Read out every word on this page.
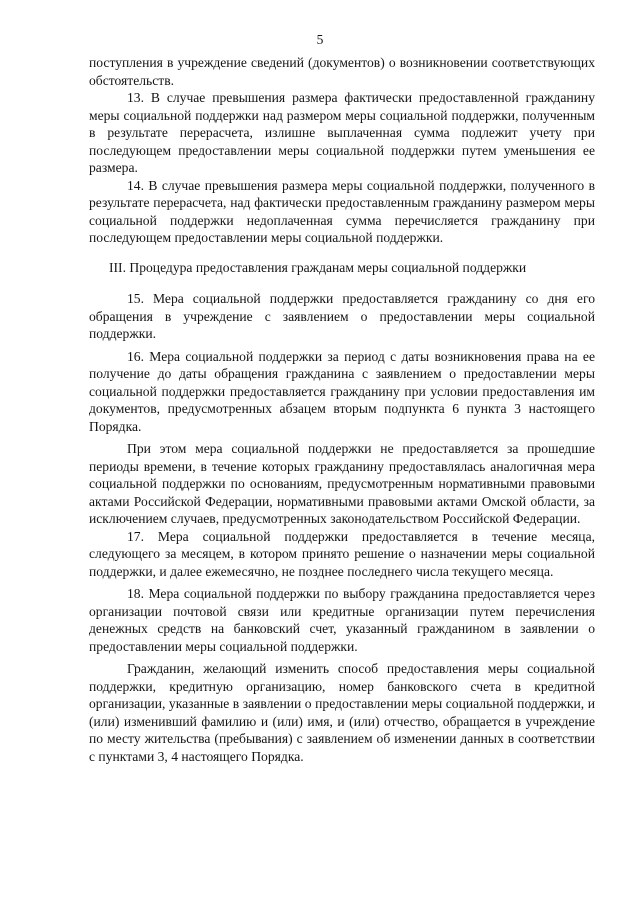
5

поступления в учреждение сведений (документов) о возникновении соответствующих обстоятельств.

13. В случае превышения размера фактически предоставленной гражданину меры социальной поддержки над размером меры социальной поддержки, полученным в результате перерасчета, излишне выплаченная сумма подлежит учету при последующем предоставлении меры социальной поддержки путем уменьшения ее размера.

14. В случае превышения размера меры социальной поддержки, полученного в результате перерасчета, над фактически предоставленным гражданину размером меры социальной поддержки недоплаченная сумма перечисляется гражданину при последующем предоставлении меры социальной поддержки.

III. Процедура предоставления гражданам меры социальной поддержки

15. Мера социальной поддержки предоставляется гражданину со дня его обращения в учреждение с заявлением о предоставлении меры социальной поддержки.

16. Мера социальной поддержки за период с даты возникновения права на ее получение до даты обращения гражданина с заявлением о предоставлении меры социальной поддержки предоставляется гражданину при условии предоставления им документов, предусмотренных абзацем вторым подпункта 6 пункта 3 настоящего Порядка.

При этом мера социальной поддержки не предоставляется за прошедшие периоды времени, в течение которых гражданину предоставлялась аналогичная мера социальной поддержки по основаниям, предусмотренным нормативными правовыми актами Российской Федерации, нормативными правовыми актами Омской области, за исключением случаев, предусмотренных законодательством Российской Федерации.

17. Мера социальной поддержки предоставляется в течение месяца, следующего за месяцем, в котором принято решение о назначении меры социальной поддержки, и далее ежемесячно, не позднее последнего числа текущего месяца.

18. Мера социальной поддержки по выбору гражданина предоставляется через организации почтовой связи или кредитные организации путем перечисления денежных средств на банковский счет, указанный гражданином в заявлении о предоставлении меры социальной поддержки.

Гражданин, желающий изменить способ предоставления меры социальной поддержки, кредитную организацию, номер банковского счета в кредитной организации, указанные в заявлении о предоставлении меры социальной поддержки, и (или) изменивший фамилию и (или) имя, и (или) отчество, обращается в учреждение по месту жительства (пребывания) с заявлением об изменении данных в соответствии с пунктами 3, 4 настоящего Порядка.
